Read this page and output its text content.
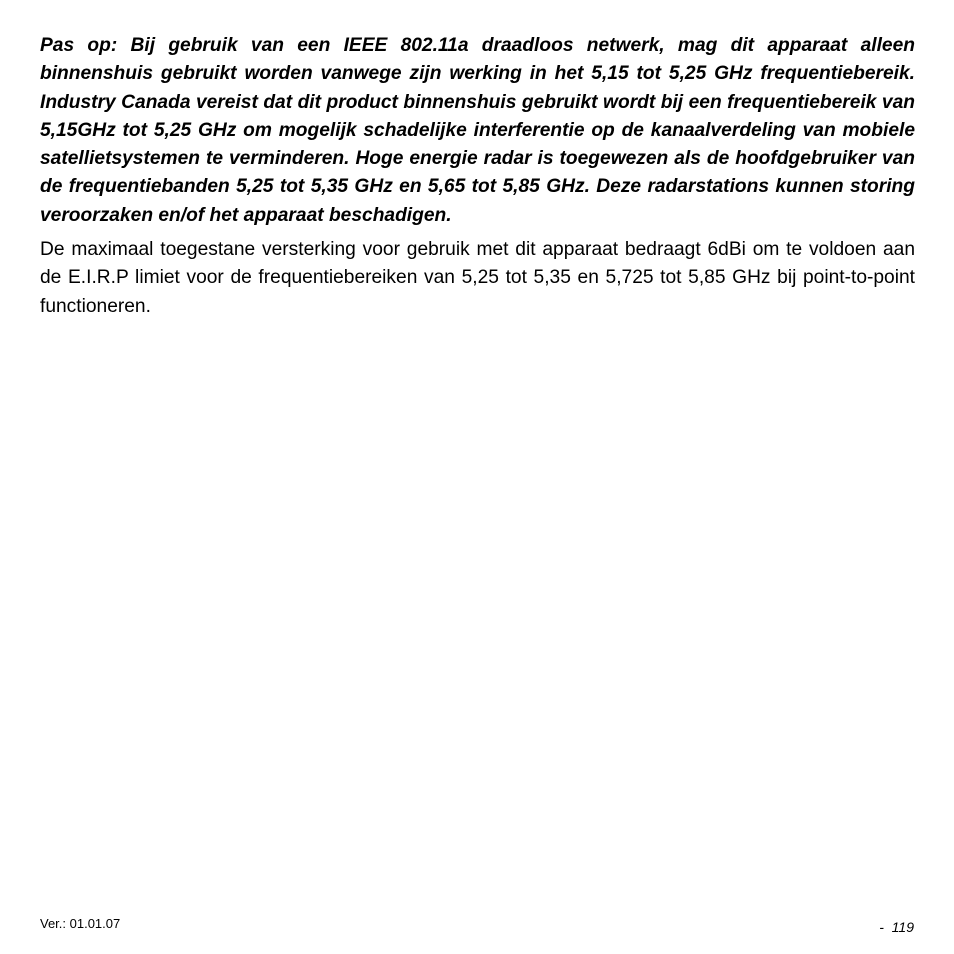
Pas op: Bij gebruik van een IEEE 802.11a draadloos netwerk, mag dit apparaat alleen binnenshuis gebruikt worden vanwege zijn werking in het 5,15 tot 5,25 GHz frequentiebereik. Industry Canada vereist dat dit product binnenshuis gebruikt wordt bij een frequentiebereik van 5,15GHz tot 5,25 GHz om mogelijk schadelijke interferentie op de kanaalverdeling van mobiele satellietsystemen te verminderen. Hoge energie radar is toegewezen als de hoofdgebruiker van de frequentiebanden 5,25 tot 5,35 GHz en 5,65 tot 5,85 GHz. Deze radarstations kunnen storing veroorzaken en/of het apparaat beschadigen.

De maximaal toegestane versterking voor gebruik met dit apparaat bedraagt 6dBi om te voldoen aan de E.I.R.P limiet voor de frequentiebereiken van 5,25 tot 5,35 en 5,725 tot 5,85 GHz bij point-to-point functioneren.

Ver.: 01.01.07	-  119
